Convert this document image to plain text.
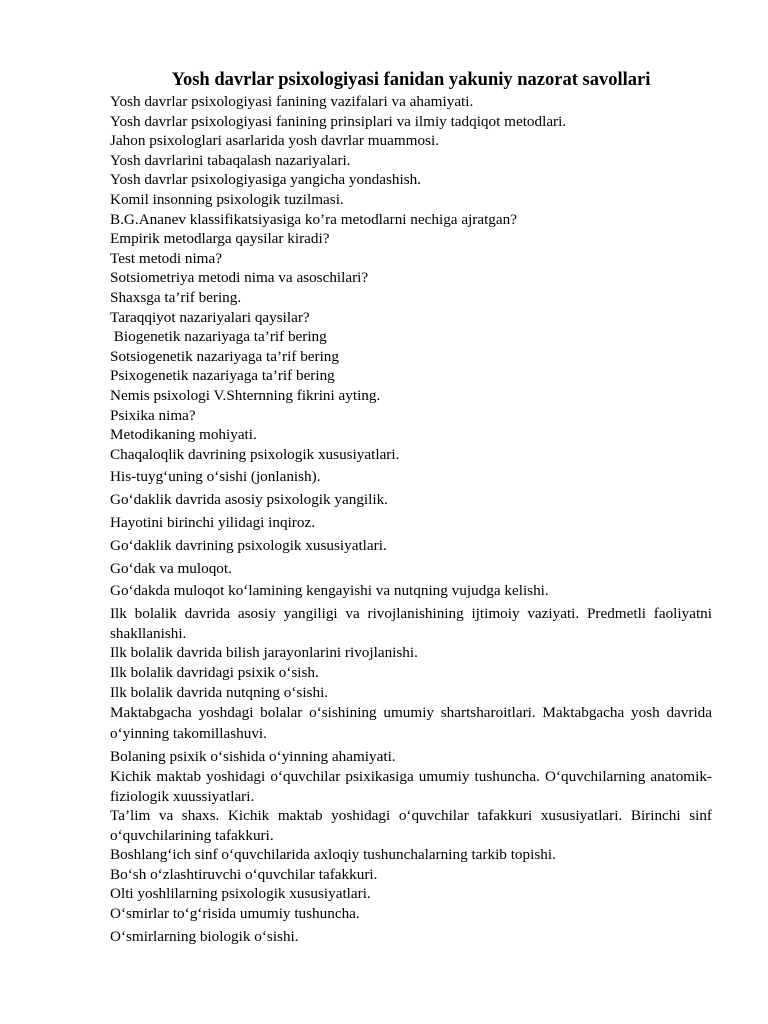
Yosh davrlar psixologiyasi fanidan yakuniy nazorat savollari
Yosh davrlar psixologiyasi fanining vazifalari va ahamiyati.
Yosh davrlar psixologiyasi fanining prinsiplari va ilmiy tadqiqot metodlari.
Jahon psixologlari asarlarida yosh davrlar muammosi.
Yosh davrlarini tabaqalash nazariyalari.
Yosh davrlar psixologiyasiga yangicha yondashish.
Komil insonning psixologik tuzilmasi.
B.G.Ananev klassifikatsiyasiga ko’ra metodlarni nechiga ajratgan?
Empirik metodlarga qaysilar kiradi?
Test metodi nima?
Sotsiometriya metodi nima va asoschilari?
Shaxsga ta’rif bering.
Taraqqiyot nazariyalari qaysilar?
Biogenetik nazariyaga ta’rif bering
Sotsiogenetik nazariyaga ta’rif bering
Psixogenetik nazariyaga ta’rif bering
Nemis psixologi V.Shternning fikrini ayting.
Psixika nima?
Metodikaning mohiyati.
Chaqaloqlik davrining psixologik xususiyatlari.
His-tuygʻuning oʻsishi (jonlanish).
Goʻdaklik davrida asosiy psixologik yangilik.
Hayotini birinchi yilidagi inqiroz.
Goʻdaklik davrining psixologik xususiyatlari.
Goʻdak va muloqot.
Goʻdakda muloqot koʻlamining kengayishi va nutqning vujudga kelishi.
Ilk bolalik davrida asosiy yangiligi va rivojlanishining ijtimoiy vaziyati. Predmetli faoliyatni shakllanishi.
Ilk bolalik davrida bilish jarayonlarini rivojlanishi.
Ilk bolalik davridagi psixik oʻsish.
Ilk bolalik davrida nutqning oʻsishi.
Maktabgacha yoshdagi bolalar oʻsishining umumiy shartsharoitlari. Maktabgacha yosh davrida oʻyinning takomillashuvi.
Bolaning psixik oʻsishida oʻyinning ahamiyati.
Kichik maktab yoshidagi oʻquvchilar psixikasiga umumiy tushuncha. Oʻquvchilarning anatomik-fiziologik xuussiyatlari.
Ta’lim va shaxs. Kichik maktab yoshidagi oʻquvchilar tafakkuri xususiyatlari. Birinchi sinf oʻquvchilarining tafakkuri.
Boshlangʻich sinf oʻquvchilarida axloqiy tushunchalarning tarkib topishi.
Boʻsh oʻzlashtiruvchi oʻquvchilar tafakkuri.
Olti yoshlilarning psixologik xususiyatlari.
Oʻsmirlar toʻgʻrisida umumiy tushuncha.
Oʻsmirlarning biologik oʻsishi.
